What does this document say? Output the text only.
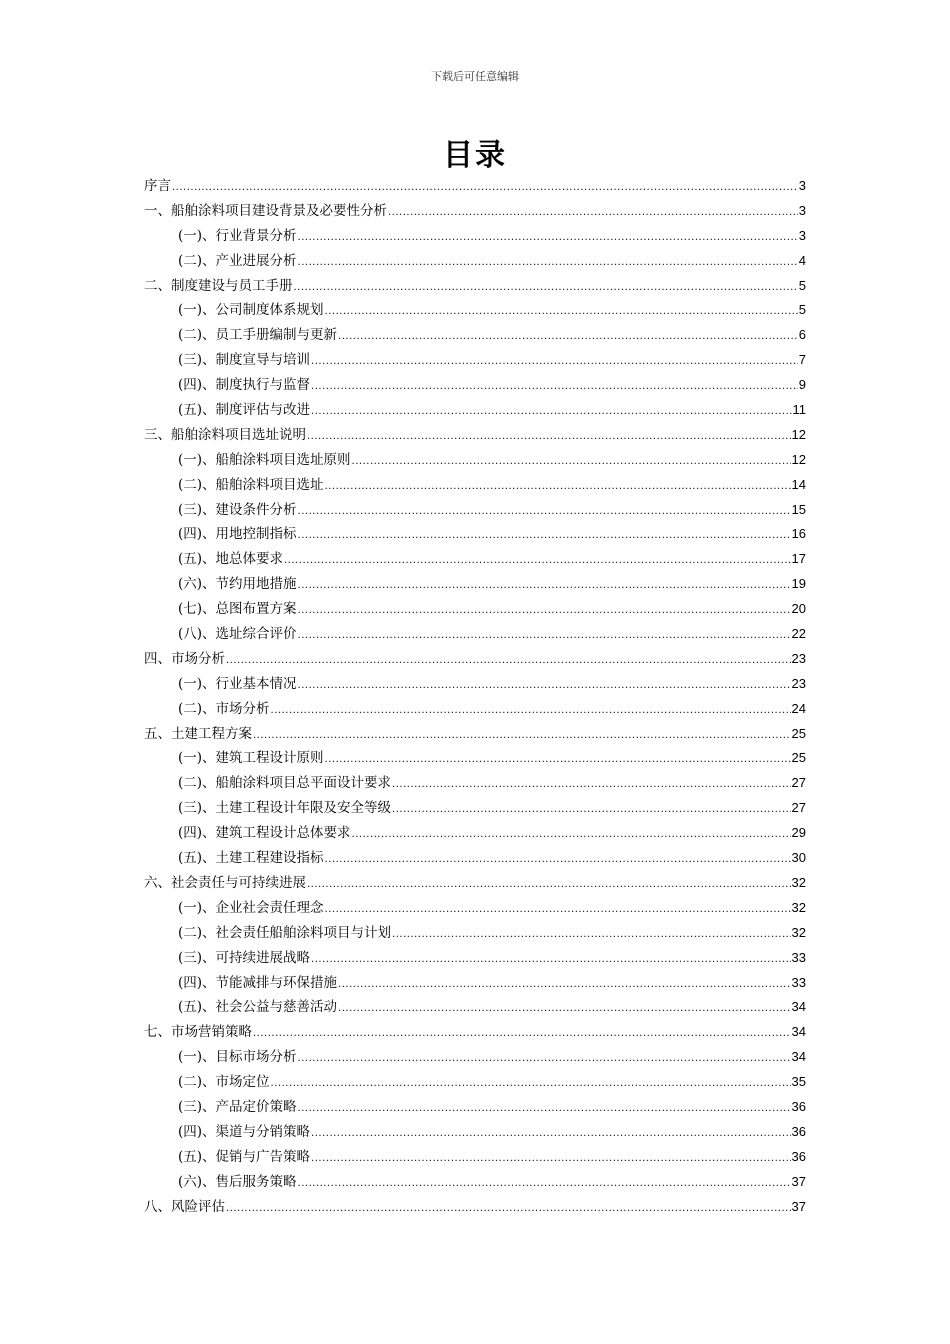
下载后可任意编辑
目录
序言 .....	3
一、船舶涂料项目建设背景及必要性分析 .....	3
(一)、行业背景分析 .....	3
(二)、产业进展分析 .....	4
二、制度建设与员工手册 .....	5
(一)、公司制度体系规划 .....	5
(二)、员工手册编制与更新 .....	6
(三)、制度宣导与培训 .....	7
(四)、制度执行与监督 .....	9
(五)、制度评估与改进 .....	11
三、船舶涂料项目选址说明 .....	12
(一)、船舶涂料项目选址原则 .....	12
(二)、船舶涂料项目选址 .....	14
(三)、建设条件分析 .....	15
(四)、用地控制指标 .....	16
(五)、地总体要求 .....	17
(六)、节约用地措施 .....	19
(七)、总图布置方案 .....	20
(八)、选址综合评价 .....	22
四、市场分析 .....	23
(一)、行业基本情况 .....	23
(二)、市场分析 .....	24
五、土建工程方案 .....	25
(一)、建筑工程设计原则 .....	25
(二)、船舶涂料项目总平面设计要求 .....	27
(三)、土建工程设计年限及安全等级 .....	27
(四)、建筑工程设计总体要求 .....	29
(五)、土建工程建设指标 .....	30
六、社会责任与可持续进展 .....	32
(一)、企业社会责任理念 .....	32
(二)、社会责任船舶涂料项目与计划 .....	32
(三)、可持续进展战略 .....	33
(四)、节能减排与环保措施 .....	33
(五)、社会公益与慈善活动 .....	34
七、市场营销策略 .....	34
(一)、目标市场分析 .....	34
(二)、市场定位 .....	35
(三)、产品定价策略 .....	36
(四)、渠道与分销策略 .....	36
(五)、促销与广告策略 .....	36
(六)、售后服务策略 .....	37
八、风险评估 .....	37
